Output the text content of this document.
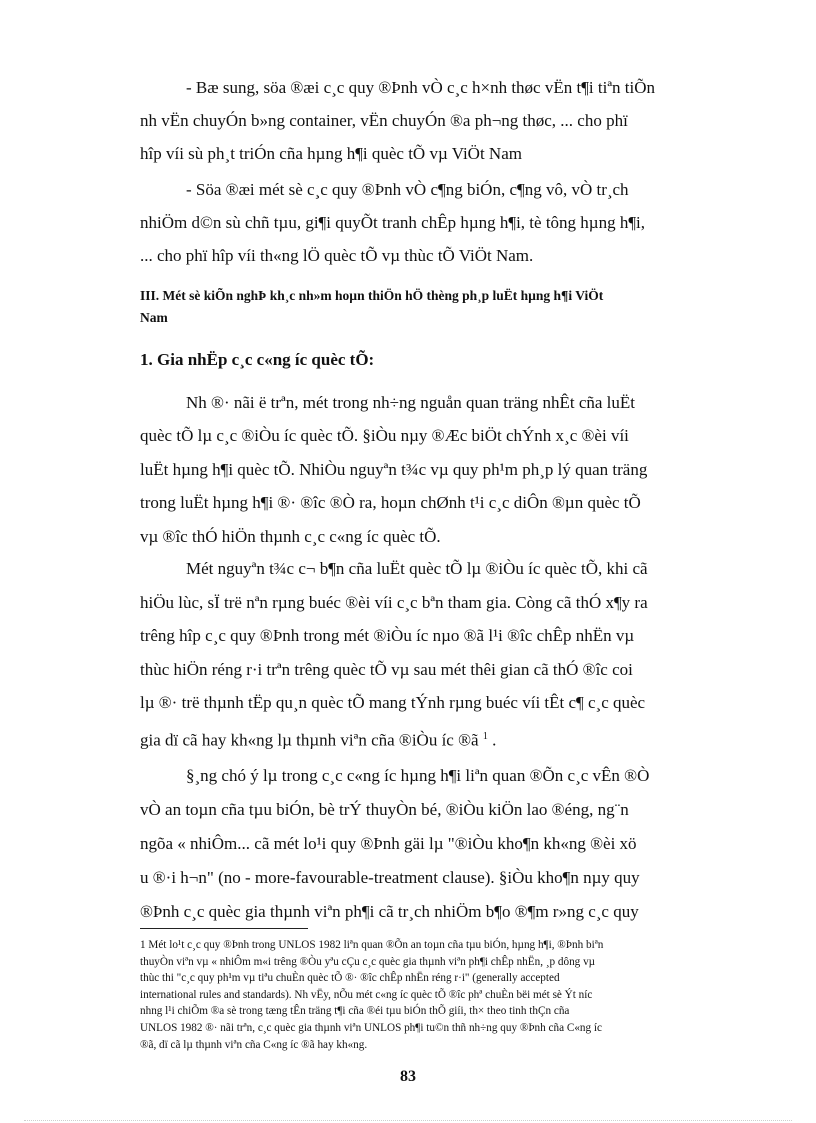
- Bæ sung, söa ®æi c¸c quy ®Þnh vÒ c¸c h×nh thøc vËn t¶i tiªn tiÕn
nh vËn chuyÓn b»ng container, vËn chuyÓn ®a ph¬ng thøc, ... cho phï
hîp víi sù ph¸t triÓn cña hµng h¶i quèc tÕ vµ ViÖt Nam
- Söa ®æi mét sè c¸c quy ®Þnh vÒ c¶ng biÓn, c¶ng vô, vÒ tr¸ch
nhiÖm d©n sù chñ tµu, gi¶i quyÕt tranh chÊp hµng h¶i, tè tông hµng h¶i,
... cho phï hîp víi th«ng lÖ quèc tÕ vµ thùc tÕ ViÖt Nam.
III. Mét sè kiÕn nghÞ kh¸c nh»m hoµn thiÖn hÖ thèng ph¸p luËt hµng h¶i ViÖt
Nam
1. Gia nhËp c¸c c«ng íc quèc tÕ:
Nh ®· nãi ë trªn, mét trong nh÷ng nguån quan träng nhÊt cña luËt
quèc tÕ lµ c¸c ®iÒu íc quèc tÕ. §iÒu nµy ®Æc biÖt chÝnh x¸c ®èi víi
luËt hµng h¶i quèc tÕ. NhiÒu nguyªn t¾c vµ quy ph¹m ph¸p lý quan träng
trong luËt hµng h¶i ®· ®îc ®Ò ra, hoµn chØnh t¹i c¸c diÔn ®µn quèc tÕ
vµ ®îc thÓ hiÖn thµnh c¸c c«ng íc quèc tÕ.
Mét nguyªn t¾c c¬ b¶n cña luËt quèc tÕ lµ ®iÒu íc quèc tÕ, khi cã
hiÖu lùc, sÏ trë nªn rµng buéc ®èi víi c¸c bªn tham gia. Còng cã thÓ x¶y ra
trêng hîp c¸c quy ®Þnh trong mét ®iÒu íc nµo ®ã l¹i ®îc chÊp nhËn vµ
thùc hiÖn réng r·i trªn trêng quèc tÕ vµ sau mét thêi gian cã thÓ ®îc coi
lµ ®· trë thµnh tËp qu¸n quèc tÕ mang tÝnh rµng buéc víi tÊt c¶ c¸c quèc
gia dï cã hay kh«ng lµ thµnh viªn cña ®iÒu íc ®ã $^1$ .
§¸ng chó ý lµ trong c¸c c«ng íc hµng h¶i liªn quan ®Õn c¸c vÊn ®Ò
vÒ an toµn cña tµu biÓn, bè trÝ thuyÒn bé, ®iÒu kiÖn lao ®éng, ng¨n
ngõa « nhiÔm... cã mét lo¹i quy ®Þnh gäi lµ "®iÒu kho¶n kh«ng ®èi xö
u ®·i h¬n" (no - more-favourable-treatment clause). §iÒu kho¶n nµy quy
®Þnh c¸c quèc gia thµnh viªn ph¶i cã tr¸ch nhiÖm b¶o ®¶m r»ng c¸c quy
1 Mét lo¹t c¸c quy ®Þnh trong UNLOS 1982 liªn quan ®Õn an toµn cña tµu biÓn, hµng h¶i, ®Þnh biªn
thuyÒn viªn vµ « nhiÔm m«i trêng ®Òu yªu cÇu c¸c quèc gia thµnh viªn ph¶i chÊp nhËn, ¸p dông vµ
thùc thi "c¸c quy ph¹m vµ tiªu chuÈn quèc tÕ ®· ®îc chÊp nhËn réng r·i" (generally accepted
international rules and standards). Nh vËy, nÕu mét c«ng íc quèc tÕ ®îc phª chuÈn bëi mét sè Ýt níc
nhng l¹i chiÕm ®a sè trong tæng tÊn träng t¶i cña ®éi tµu biÓn thÕ giíi, th× theo tinh thÇn cña
UNLOS 1982 ®· nãi trªn, c¸c quèc gia thµnh viªn UNLOS ph¶i tu©n thñ nh÷ng quy ®Þnh cña C«ng íc
®ã, dï cã lµ thµnh viªn cña C«ng íc ®ã hay kh«ng.
83
